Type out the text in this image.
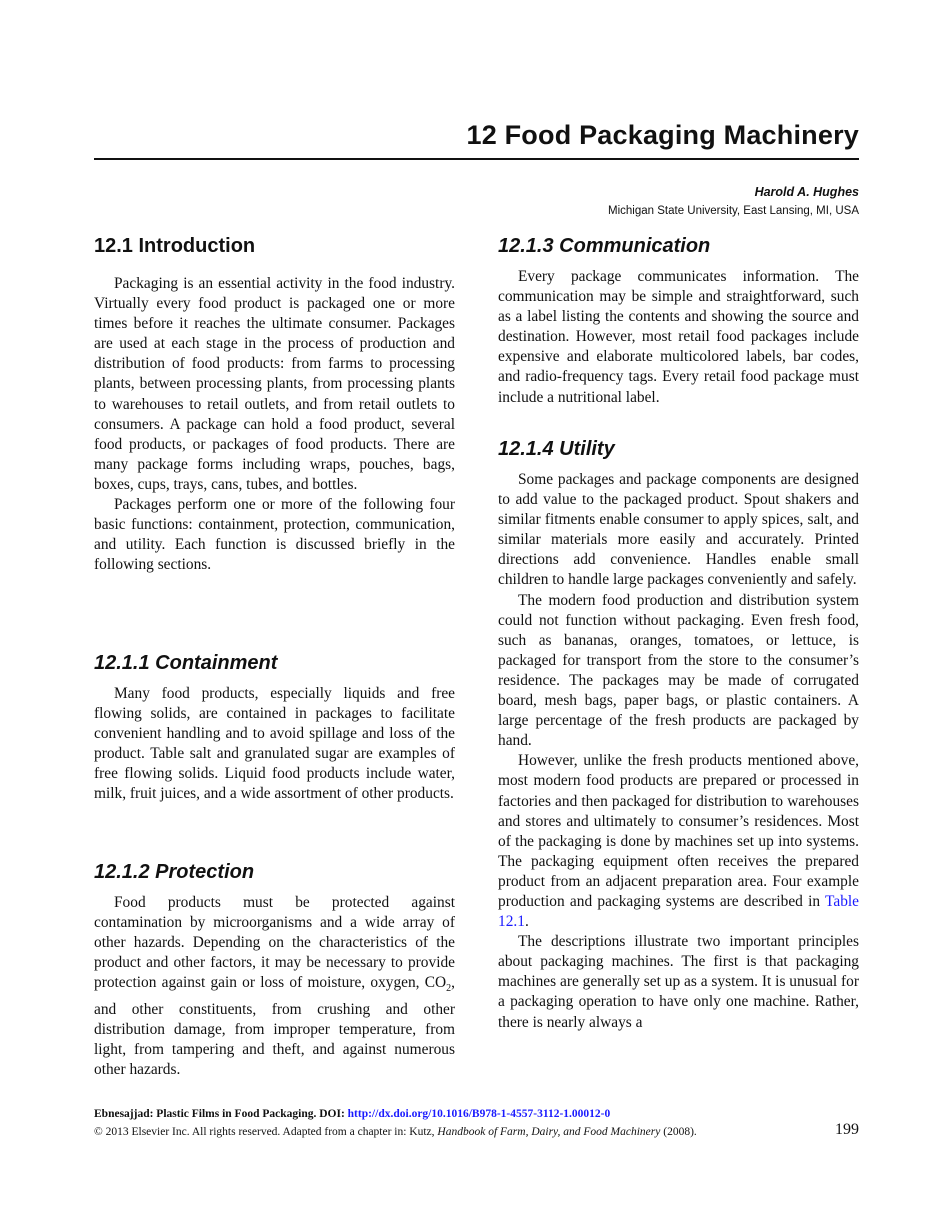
12 Food Packaging Machinery
Harold A. Hughes
Michigan State University, East Lansing, MI, USA
12.1 Introduction

Packaging is an essential activity in the food industry. Virtually every food product is packaged one or more times before it reaches the ultimate consumer. Packages are used at each stage in the process of production and distribution of food products: from farms to processing plants, between processing plants, from processing plants to warehouses to retail outlets, and from retail outlets to consumers. A package can hold a food product, several food products, or packages of food products. There are many package forms including wraps, pouches, bags, boxes, cups, trays, cans, tubes, and bottles.

Packages perform one or more of the following four basic functions: containment, protection, communication, and utility. Each function is discussed briefly in the following sections.

12.1.1 Containment

Many food products, especially liquids and free flowing solids, are contained in packages to facilitate convenient handling and to avoid spillage and loss of the product. Table salt and granulated sugar are examples of free flowing solids. Liquid food products include water, milk, fruit juices, and a wide assortment of other products.

12.1.2 Protection

Food products must be protected against contamination by microorganisms and a wide array of other hazards. Depending on the characteristics of the product and other factors, it may be necessary to provide protection against gain or loss of moisture, oxygen, $CO_2$, and other constituents, from crushing and other distribution damage, from improper temperature, from light, from tampering and theft, and against numerous other hazards.

12.1.3 Communication

Every package communicates information. The communication may be simple and straightforward, such as a label listing the contents and showing the source and destination. However, most retail food packages include expensive and elaborate multicolored labels, bar codes, and radio-frequency tags. Every retail food package must include a nutritional label.

12.1.4 Utility

Some packages and package components are designed to add value to the packaged product. Spout shakers and similar fitments enable consumer to apply spices, salt, and similar materials more easily and accurately. Printed directions add convenience. Handles enable small children to handle large packages conveniently and safely.

The modern food production and distribution system could not function without packaging. Even fresh food, such as bananas, oranges, tomatoes, or lettuce, is packaged for transport from the store to the consumer’s residence. The packages may be made of corrugated board, mesh bags, paper bags, or plastic containers. A large percentage of the fresh products are packaged by hand.

However, unlike the fresh products mentioned above, most modern food products are prepared or processed in factories and then packaged for distribution to warehouses and stores and ultimately to consumer’s residences. Most of the packaging is done by machines set up into systems. The packaging equipment often receives the prepared product from an adjacent preparation area. Four example production and packaging systems are described in Table 12.1.

The descriptions illustrate two important principles about packaging machines. The first is that packaging machines are generally set up as a system. It is unusual for a packaging operation to have only one machine. Rather, there is nearly always a

Ebnesajjad: Plastic Films in Food Packaging. DOI: http://dx.doi.org/10.1016/B978-1-4557-3112-1.00012-0
© 2013 Elsevier Inc. All rights reserved. Adapted from a chapter in: Kutz, Handbook of Farm, Dairy, and Food Machinery (2008).	199
